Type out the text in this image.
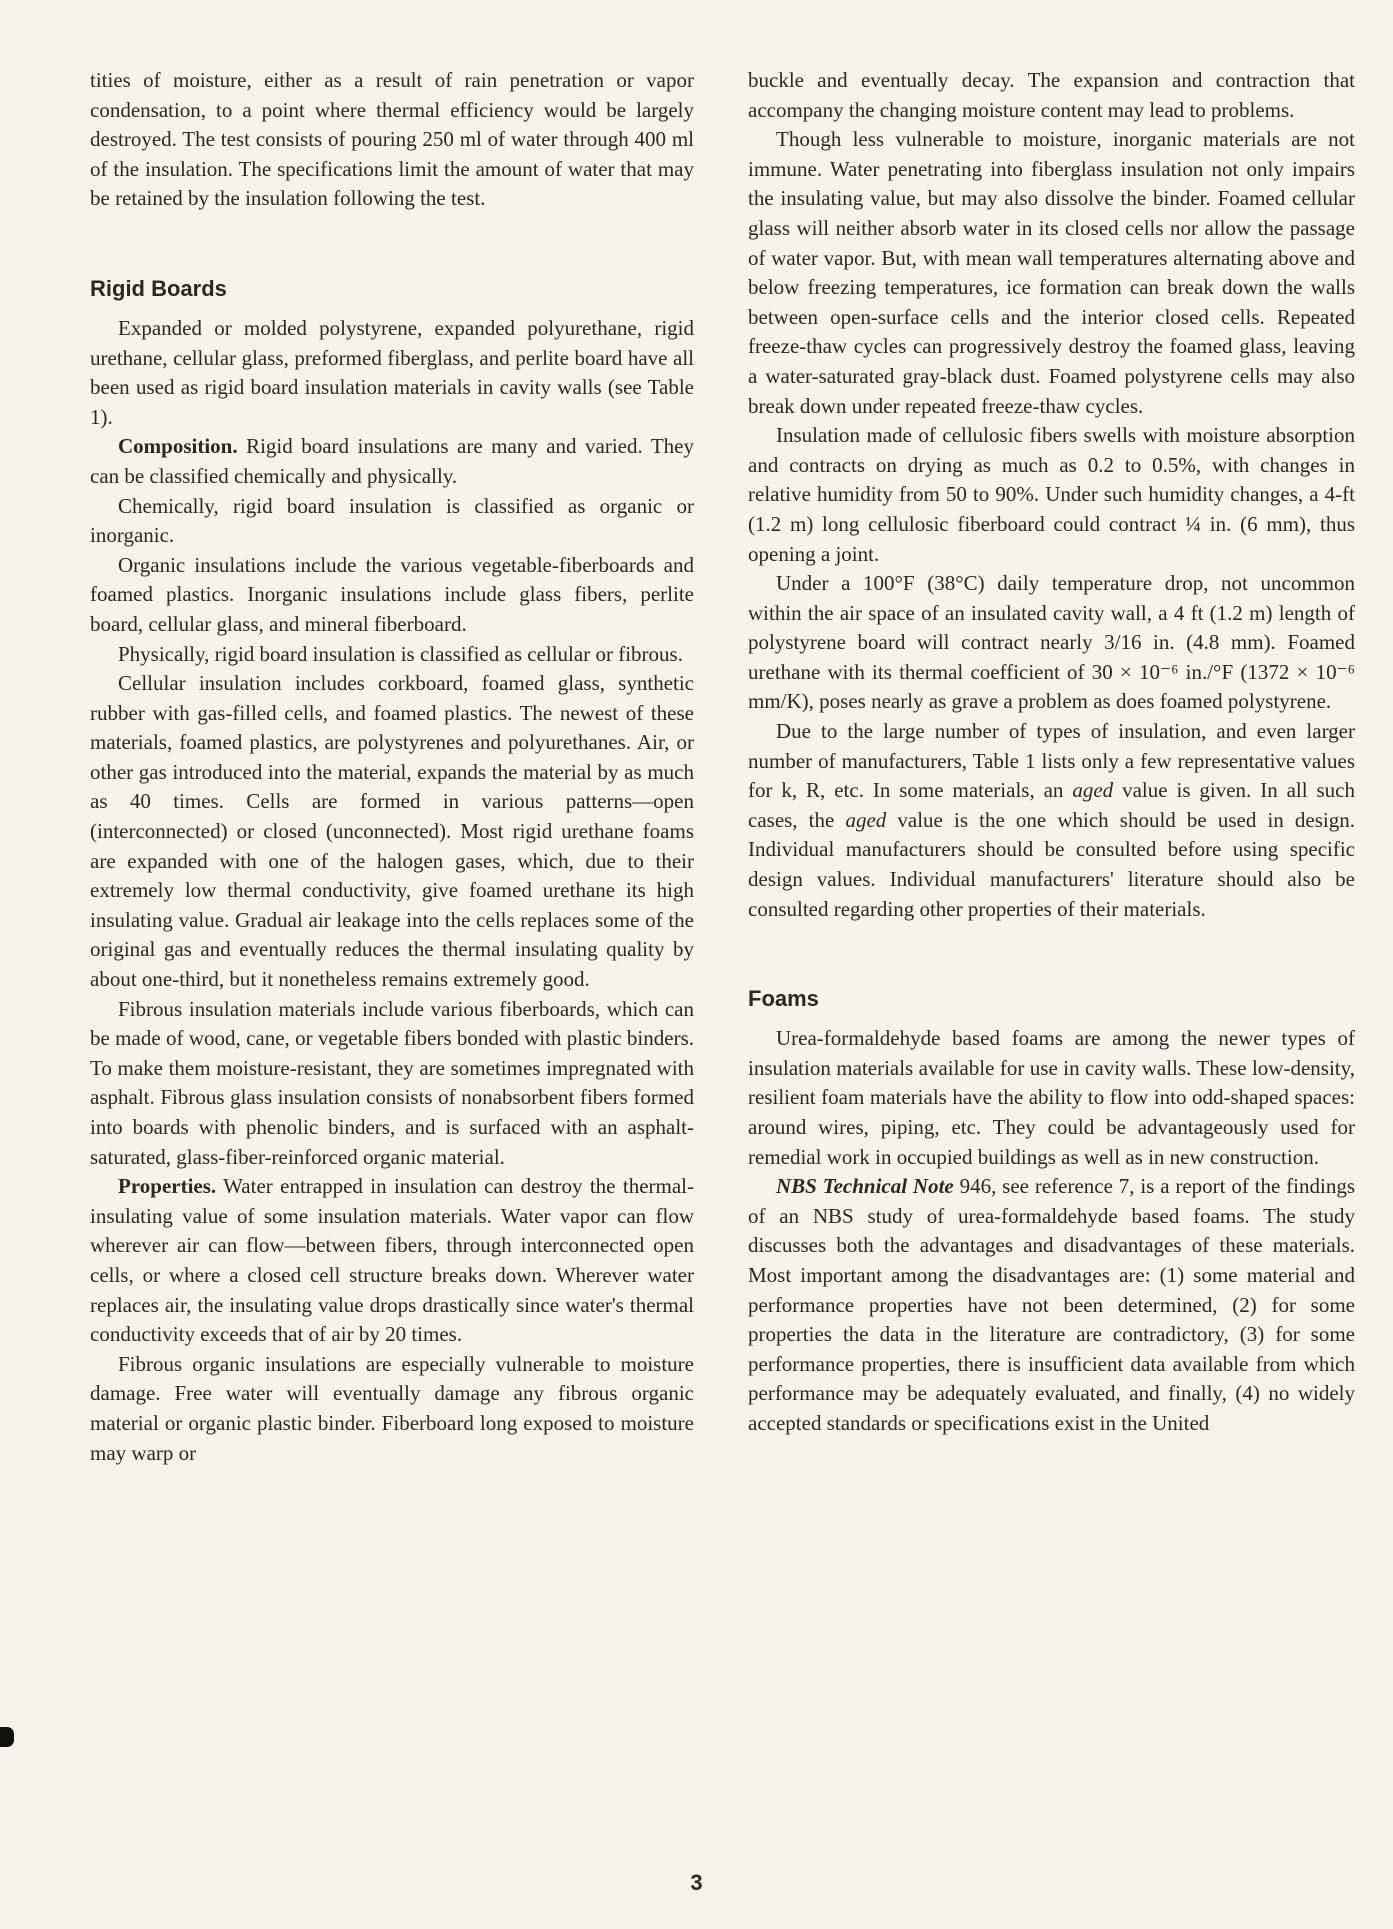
tities of moisture, either as a result of rain penetration or vapor condensation, to a point where thermal efficiency would be largely destroyed. The test consists of pouring 250 ml of water through 400 ml of the insulation. The specifications limit the amount of water that may be retained by the insulation following the test.

Rigid Boards

Expanded or molded polystyrene, expanded polyurethane, rigid urethane, cellular glass, preformed fiberglass, and perlite board have all been used as rigid board insulation materials in cavity walls (see Table 1).

Composition. Rigid board insulations are many and varied. They can be classified chemically and physically.

Chemically, rigid board insulation is classified as organic or inorganic.

Organic insulations include the various vegetable-fiberboards and foamed plastics. Inorganic insulations include glass fibers, perlite board, cellular glass, and mineral fiberboard.

Physically, rigid board insulation is classified as cellular or fibrous.

Cellular insulation includes corkboard, foamed glass, synthetic rubber with gas-filled cells, and foamed plastics. The newest of these materials, foamed plastics, are polystyrenes and polyurethanes. Air, or other gas introduced into the material, expands the material by as much as 40 times. Cells are formed in various patterns—open (interconnected) or closed (unconnected). Most rigid urethane foams are expanded with one of the halogen gases, which, due to their extremely low thermal conductivity, give foamed urethane its high insulating value. Gradual air leakage into the cells replaces some of the original gas and eventually reduces the thermal insulating quality by about one-third, but it nonetheless remains extremely good.

Fibrous insulation materials include various fiberboards, which can be made of wood, cane, or vegetable fibers bonded with plastic binders. To make them moisture-resistant, they are sometimes impregnated with asphalt. Fibrous glass insulation consists of nonabsorbent fibers formed into boards with phenolic binders, and is surfaced with an asphalt-saturated, glass-fiber-reinforced organic material.

Properties. Water entrapped in insulation can destroy the thermal-insulating value of some insulation materials. Water vapor can flow wherever air can flow—between fibers, through interconnected open cells, or where a closed cell structure breaks down. Wherever water replaces air, the insulating value drops drastically since water's thermal conductivity exceeds that of air by 20 times.

Fibrous organic insulations are especially vulnerable to moisture damage. Free water will eventually damage any fibrous organic material or organic plastic binder. Fiberboard long exposed to moisture may warp or

buckle and eventually decay. The expansion and contraction that accompany the changing moisture content may lead to problems.

Though less vulnerable to moisture, inorganic materials are not immune. Water penetrating into fiberglass insulation not only impairs the insulating value, but may also dissolve the binder. Foamed cellular glass will neither absorb water in its closed cells nor allow the passage of water vapor. But, with mean wall temperatures alternating above and below freezing temperatures, ice formation can break down the walls between open-surface cells and the interior closed cells. Repeated freeze-thaw cycles can progressively destroy the foamed glass, leaving a water-saturated gray-black dust. Foamed polystyrene cells may also break down under repeated freeze-thaw cycles.

Insulation made of cellulosic fibers swells with moisture absorption and contracts on drying as much as 0.2 to 0.5%, with changes in relative humidity from 50 to 90%. Under such humidity changes, a 4-ft (1.2 m) long cellulosic fiberboard could contract ¼ in. (6 mm), thus opening a joint.

Under a 100°F (38°C) daily temperature drop, not uncommon within the air space of an insulated cavity wall, a 4 ft (1.2 m) length of polystyrene board will contract nearly 3/16 in. (4.8 mm). Foamed urethane with its thermal coefficient of 30 × 10⁻⁶ in./°F (1372 × 10⁻⁶ mm/K), poses nearly as grave a problem as does foamed polystyrene.

Due to the large number of types of insulation, and even larger number of manufacturers, Table 1 lists only a few representative values for k, R, etc. In some materials, an aged value is given. In all such cases, the aged value is the one which should be used in design. Individual manufacturers should be consulted before using specific design values. Individual manufacturers' literature should also be consulted regarding other properties of their materials.

Foams

Urea-formaldehyde based foams are among the newer types of insulation materials available for use in cavity walls. These low-density, resilient foam materials have the ability to flow into odd-shaped spaces: around wires, piping, etc. They could be advantageously used for remedial work in occupied buildings as well as in new construction.

NBS Technical Note 946, see reference 7, is a report of the findings of an NBS study of urea-formaldehyde based foams. The study discusses both the advantages and disadvantages of these materials. Most important among the disadvantages are: (1) some material and performance properties have not been determined, (2) for some properties the data in the literature are contradictory, (3) for some performance properties, there is insufficient data available from which performance may be adequately evaluated, and finally, (4) no widely accepted standards or specifications exist in the United

3
